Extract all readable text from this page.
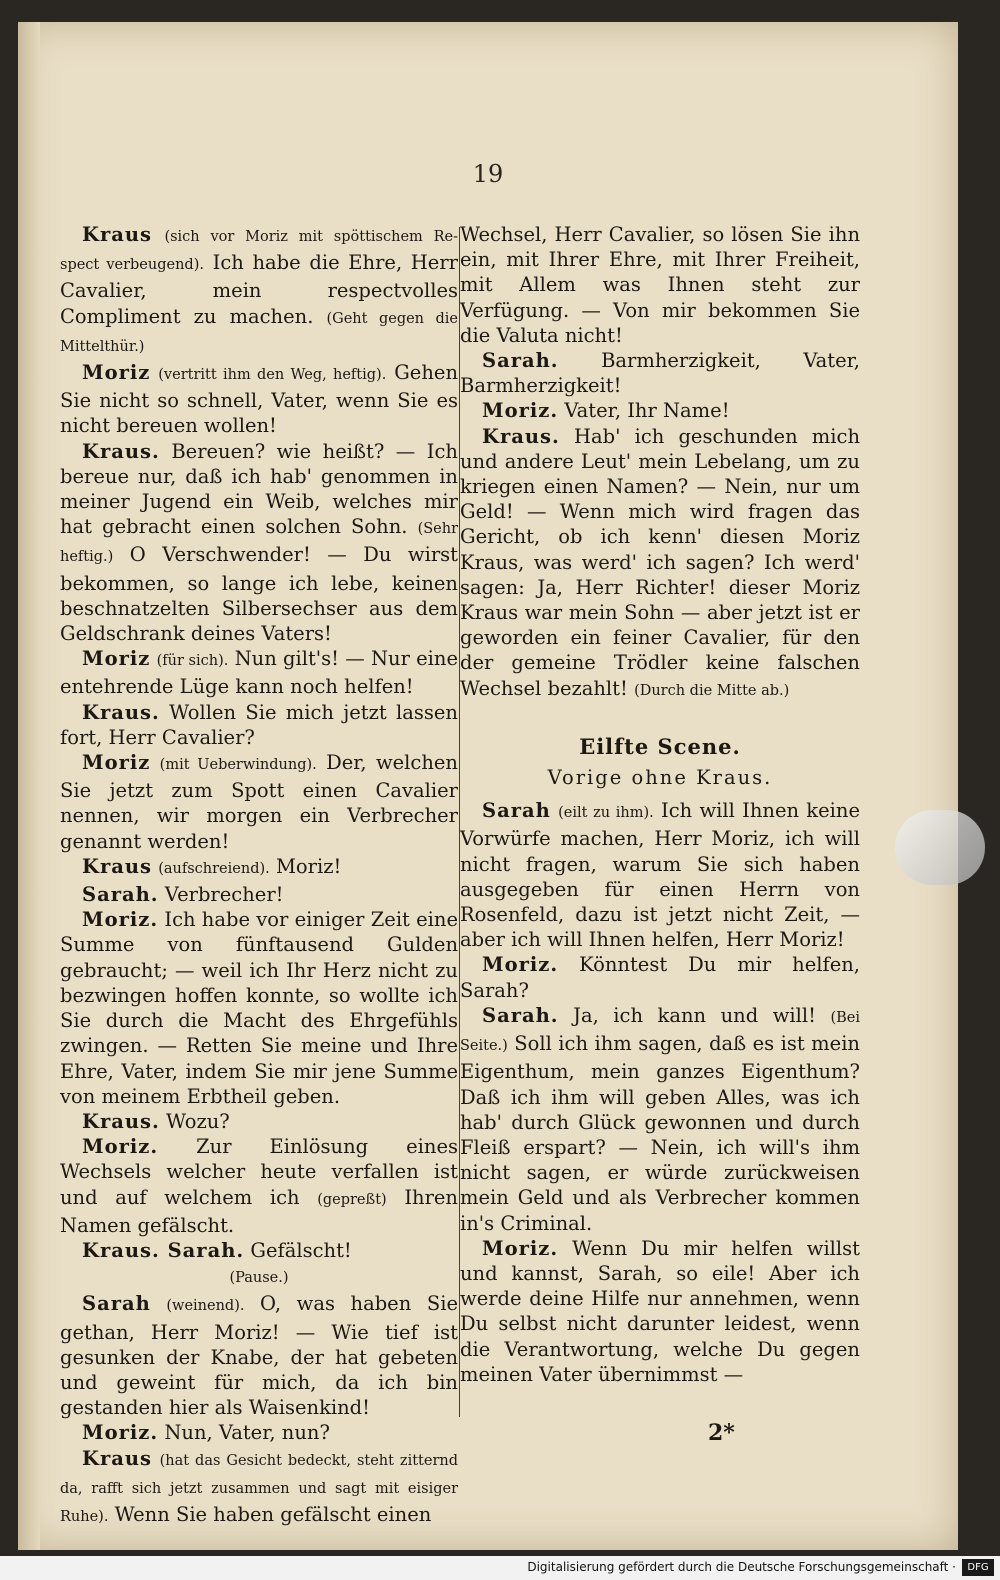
19

Kraus (sich vor Moriz mit spöttischem Re-spect verbeugend). Ich habe die Ehre, Herr Cavalier, mein respectvolles Compliment zu machen. (Geht gegen die Mittelthür.)

Moriz (vertritt ihm den Weg, heftig). Gehen Sie nicht so schnell, Vater, wenn Sie es nicht bereuen wollen!

Kraus. Bereuen? wie heißt? — Ich bereue nur, daß ich hab' genommen in meiner Jugend ein Weib, welches mir hat gebracht einen solchen Sohn. (Sehr heftig.) O Verschwender! — Du wirst bekommen, so lange ich lebe, keinen beschnatzelten Silbersechser aus dem Geldschrank deines Vaters!

Moriz (für sich). Nun gilt's! — Nur eine entehrende Lüge kann noch helfen!

Kraus. Wollen Sie mich jetzt lassen fort, Herr Cavalier?

Moriz (mit Ueberwindung). Der, welchen Sie jetzt zum Spott einen Cavalier nennen, wir morgen ein Verbrecher genannt werden!

Kraus (aufschreiend). Moriz!

Sarah. Verbrecher!

Moriz. Ich habe vor einiger Zeit eine Summe von fünftausend Gulden gebraucht; — weil ich Ihr Herz nicht zu bezwingen hoffen konnte, so wollte ich Sie durch die Macht des Ehrgefühls zwingen. — Retten Sie meine und Ihre Ehre, Vater, indem Sie mir jene Summe von meinem Erbtheil geben.

Kraus. Wozu?

Moriz. Zur Einlösung eines Wechsels welcher heute verfallen ist und auf welchem ich (gepreßt) Ihren Namen gefälscht.

Kraus. Sarah. Gefälscht!

(Pause.)

Sarah (weinend). O, was haben Sie gethan, Herr Moriz! — Wie tief ist gesunken der Knabe, der hat gebeten und geweint für mich, da ich bin gestanden hier als Waisenkind!

Moriz. Nun, Vater, nun?

Kraus (hat das Gesicht bedeckt, steht zitternd da, rafft sich jetzt zusammen und sagt mit eisiger Ruhe). Wenn Sie haben gefälscht einen

Wechsel, Herr Cavalier, so lösen Sie ihn ein, mit Ihrer Ehre, mit Ihrer Freiheit, mit Allem was Ihnen steht zur Verfügung. — Von mir bekommen Sie die Valuta nicht!

Sarah. Barmherzigkeit, Vater, Barmherzigkeit!

Moriz. Vater, Ihr Name!

Kraus. Hab' ich geschunden mich und andere Leut' mein Lebelang, um zu kriegen einen Namen? — Nein, nur um Geld! — Wenn mich wird fragen das Gericht, ob ich kenn' diesen Moriz Kraus, was werd' ich sagen? Ich werd' sagen: Ja, Herr Richter! dieser Moriz Kraus war mein Sohn — aber jetzt ist er geworden ein feiner Cavalier, für den der gemeine Trödler keine falschen Wechsel bezahlt! (Durch die Mitte ab.)

Eilfte Scene.
Vorige ohne Kraus.

Sarah (eilt zu ihm). Ich will Ihnen keine Vorwürfe machen, Herr Moriz, ich will nicht fragen, warum Sie sich haben ausgegeben für einen Herrn von Rosenfeld, dazu ist jetzt nicht Zeit, — aber ich will Ihnen helfen, Herr Moriz!

Moriz. Könntest Du mir helfen, Sarah?

Sarah. Ja, ich kann und will! (Bei Seite.) Soll ich ihm sagen, daß es ist mein Eigenthum, mein ganzes Eigenthum? Daß ich ihm will geben Alles, was ich hab' durch Glück gewonnen und durch Fleiß erspart? — Nein, ich will's ihm nicht sagen, er würde zurückweisen mein Geld und als Verbrecher kommen in's Criminal.

Moriz. Wenn Du mir helfen willst und kannst, Sarah, so eile! Aber ich werde deine Hilfe nur annehmen, wenn Du selbst nicht darunter leidest, wenn die Verantwortung, welche Du gegen meinen Vater übernimmst —

2*
Digitalisierung gefördert durch die Deutsche Forschungsgemeinschaft ·	DFG
